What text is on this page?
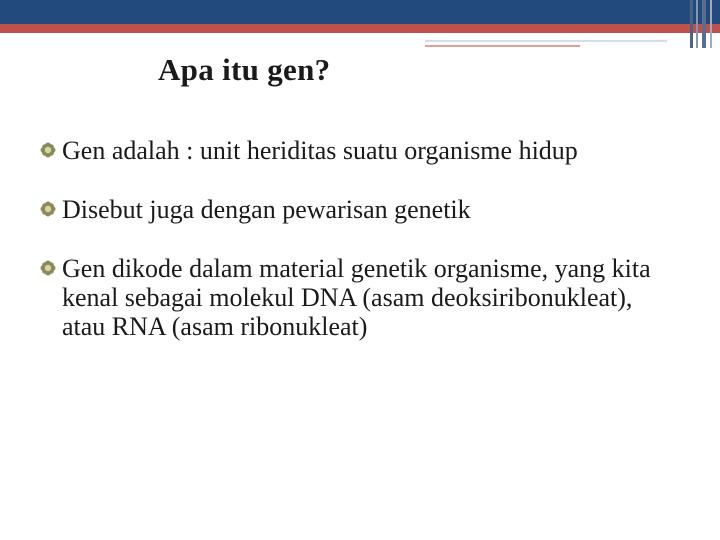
Apa itu gen?
Gen adalah : unit heriditas suatu organisme hidup
Disebut juga dengan pewarisan genetik
Gen dikode dalam material genetik organisme, yang kita kenal sebagai molekul DNA (asam deoksiribonukleat), atau RNA (asam ribonukleat)
